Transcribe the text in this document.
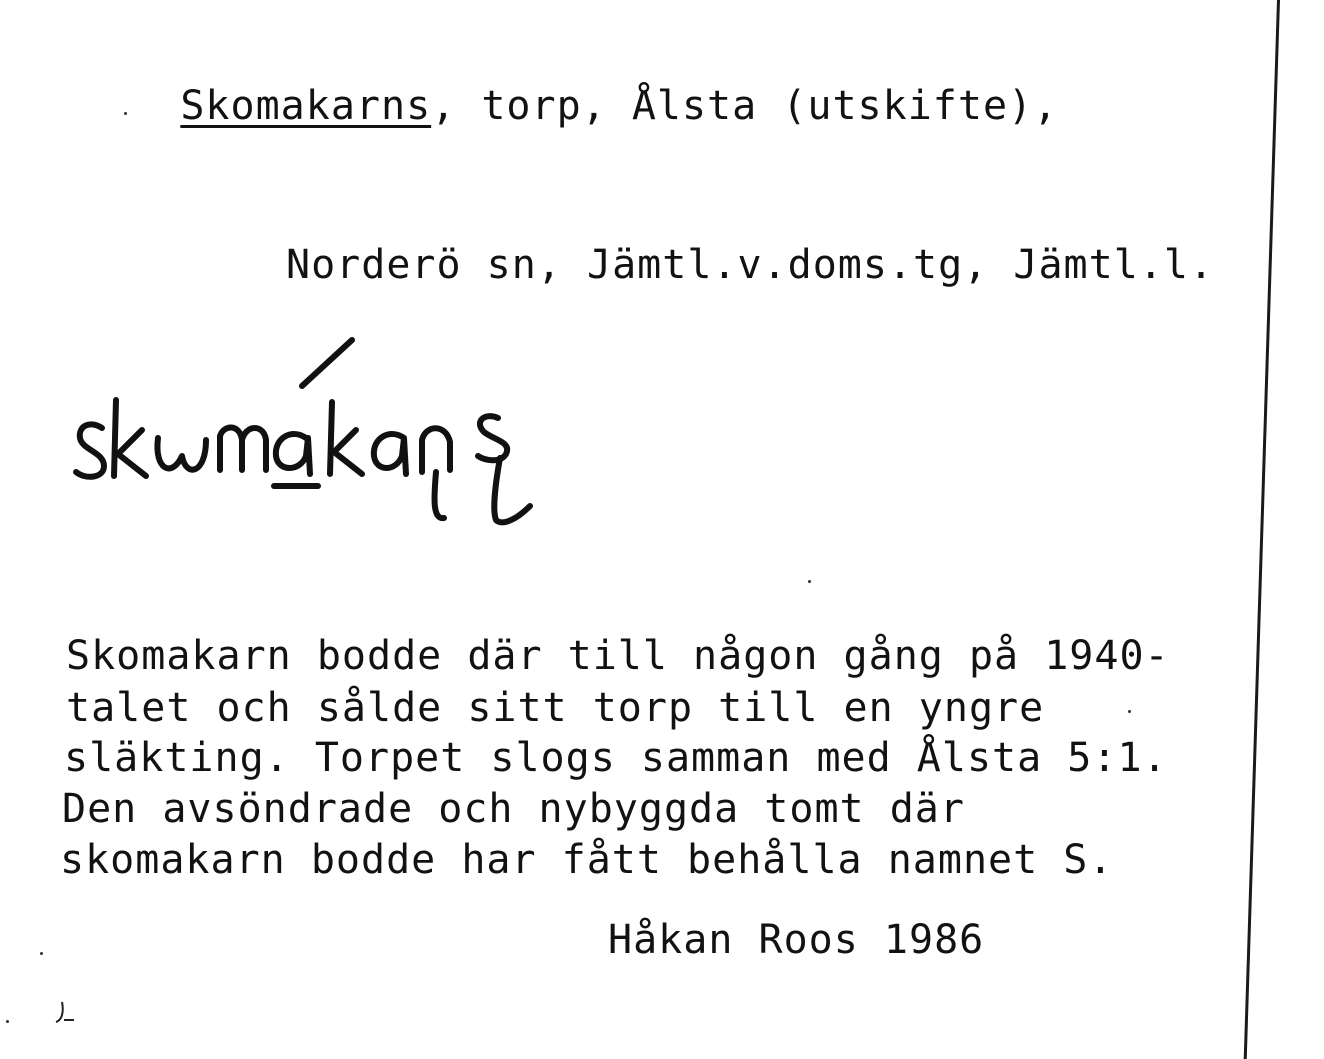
Skomakarns, torp, Ålsta (utskifte),

Norderö sn, Jämtl.v.doms.tg, Jämtl.l.
Skomakarn bodde där till någon gång på 1940-
talet och sålde sitt torp till en yngre
släkting. Torpet slogs samman med Ålsta 5:1.
Den avsöndrade och nybyggda tomt där
skomakarn bodde har fått behålla namnet S.
Håkan Roos 1986
